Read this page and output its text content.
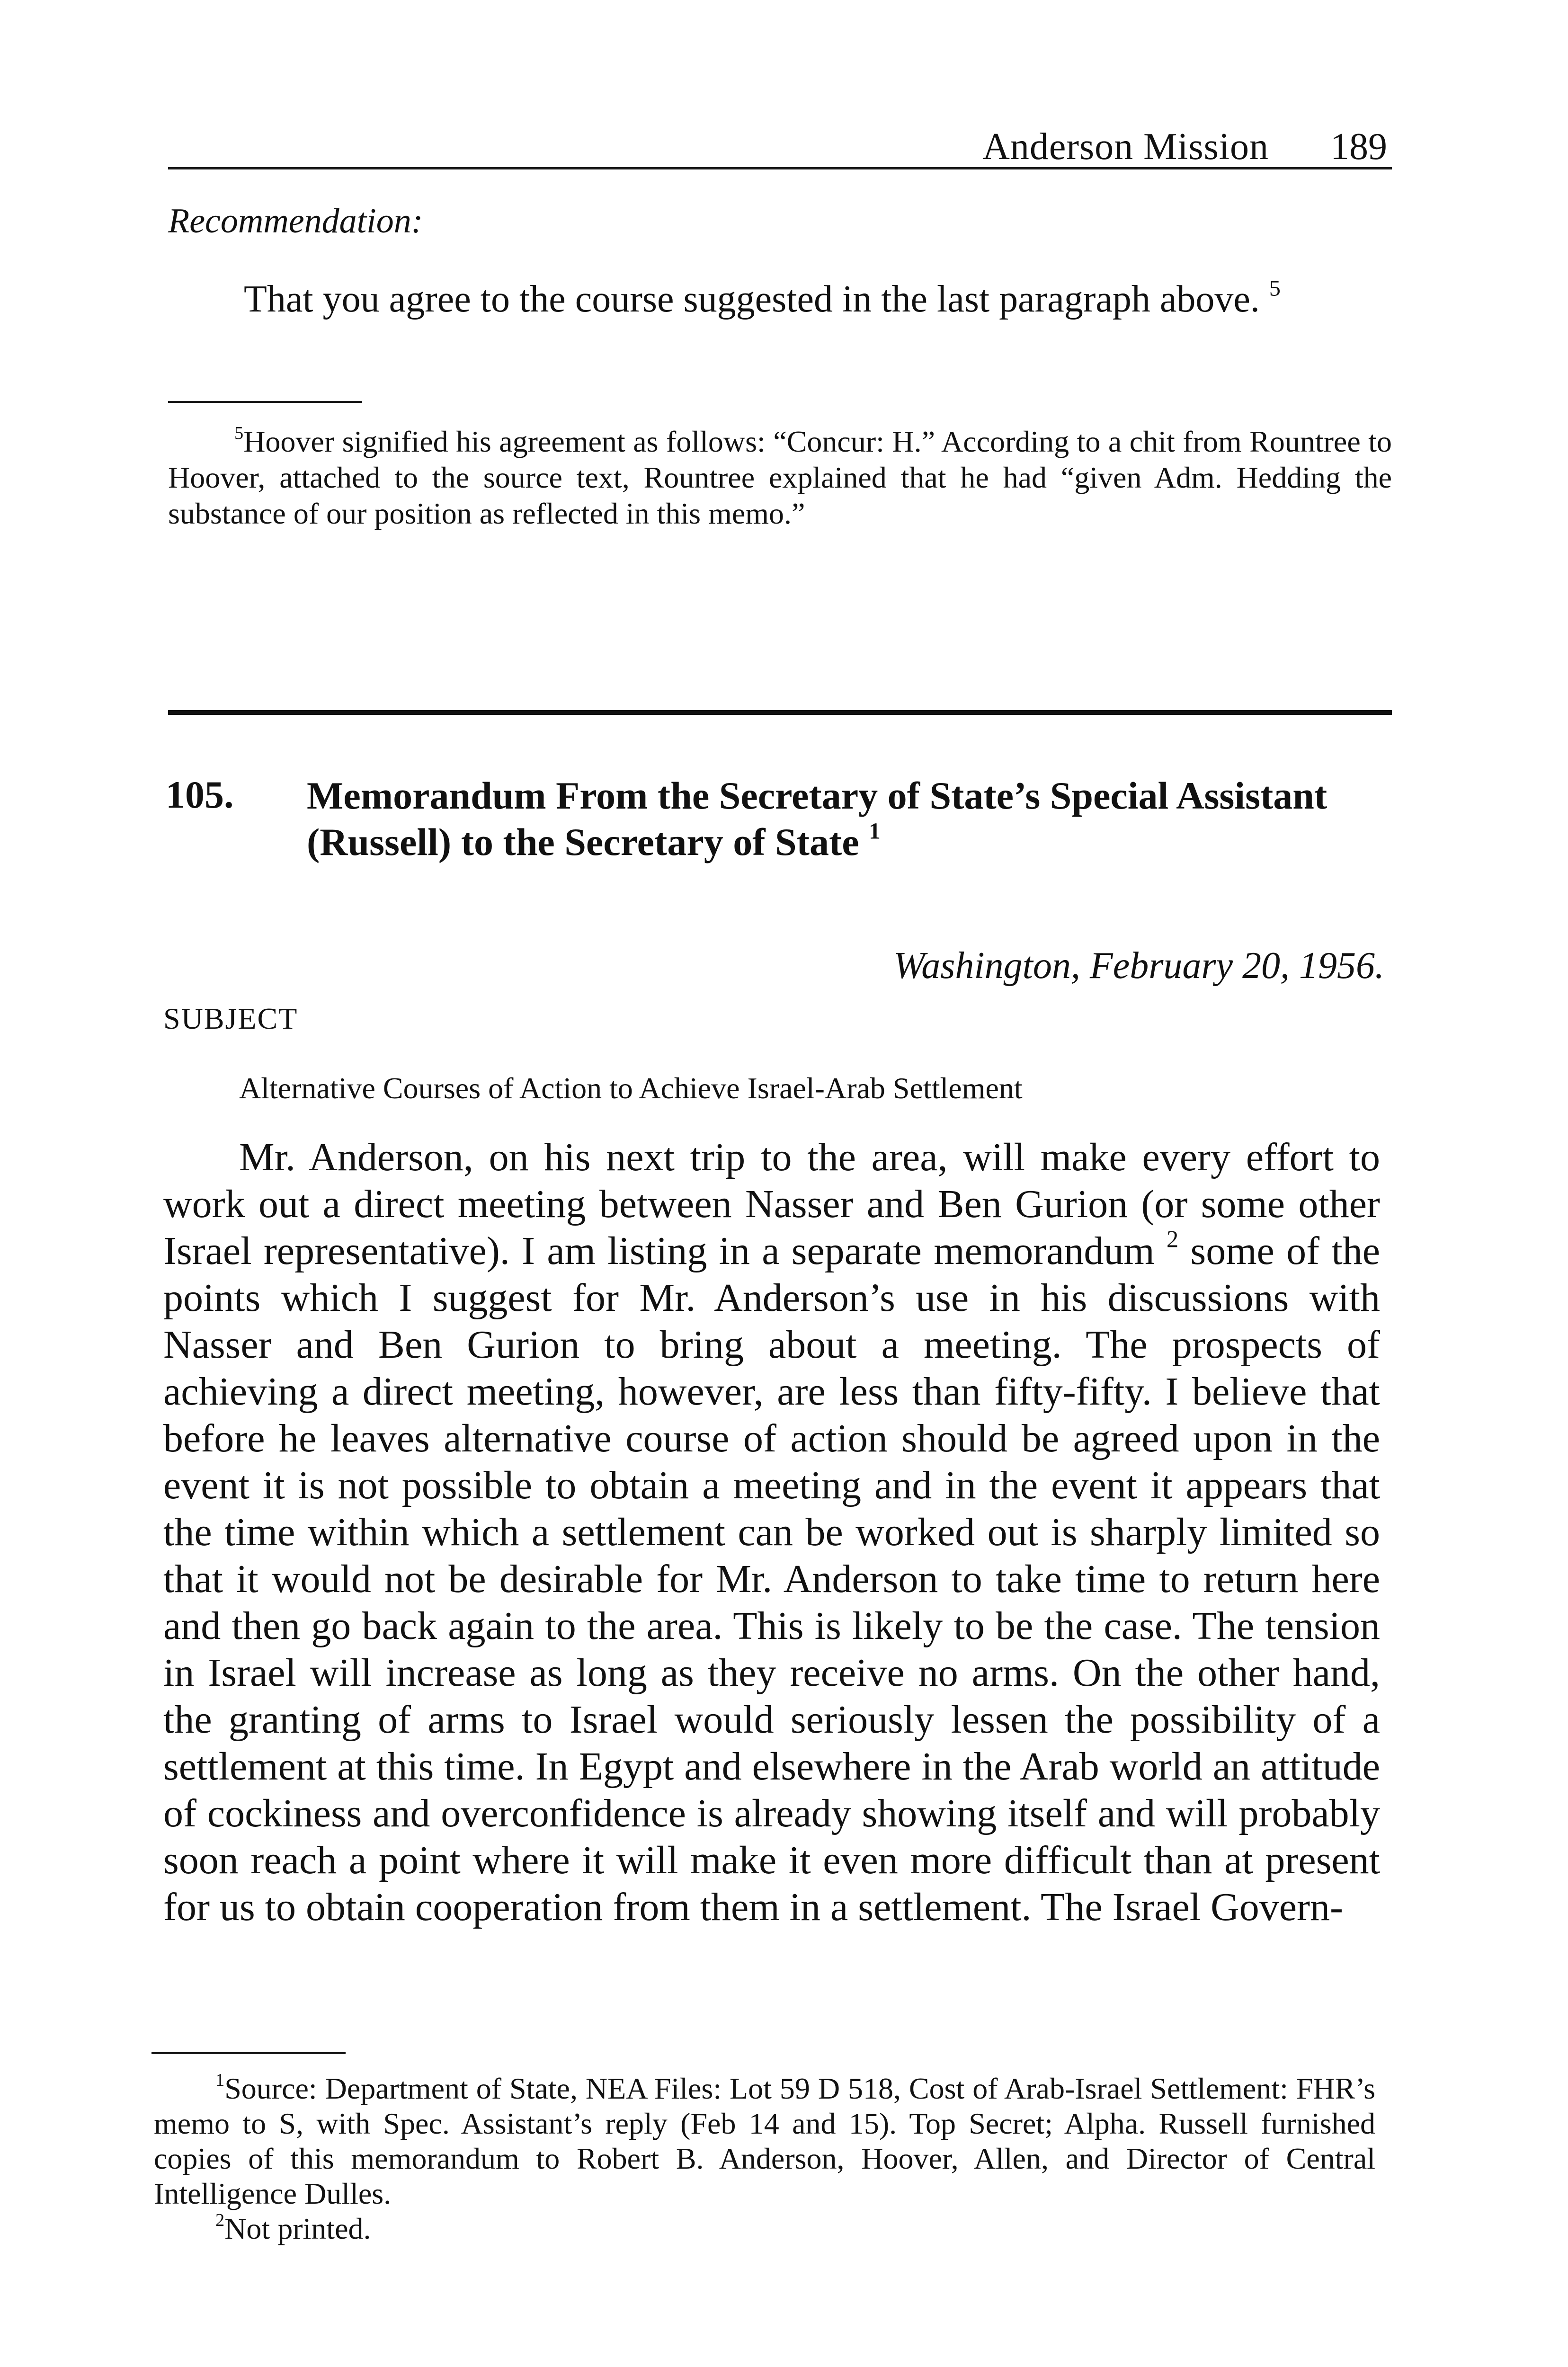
Anderson Mission 189
Recommendation:

That you agree to the course suggested in the last paragraph above. $^5$

$^5$Hoover signified his agreement as follows: “Concur: H.” According to a chit from Rountree to Hoover, attached to the source text, Rountree explained that he had “given Adm. Hedding the substance of our position as reflected in this memo.”

105. Memorandum From the Secretary of State’s Special Assistant (Russell) to the Secretary of State $^1$

Washington, February 20, 1956.
SUBJECT
Alternative Courses of Action to Achieve Israel-Arab Settlement

Mr. Anderson, on his next trip to the area, will make every effort to work out a direct meeting between Nasser and Ben Gurion (or some other Israel representative). I am listing in a separate memorandum $^2$ some of the points which I suggest for Mr. Anderson’s use in his discussions with Nasser and Ben Gurion to bring about a meeting. The prospects of achieving a direct meeting, however, are less than fifty-fifty. I believe that before he leaves alternative course of action should be agreed upon in the event it is not possible to obtain a meeting and in the event it appears that the time within which a settlement can be worked out is sharply limited so that it would not be desirable for Mr. Anderson to take time to return here and then go back again to the area. This is likely to be the case. The tension in Israel will increase as long as they receive no arms. On the other hand, the granting of arms to Israel would seriously lessen the possibility of a settlement at this time. In Egypt and elsewhere in the Arab world an attitude of cockiness and overconfidence is already showing itself and will probably soon reach a point where it will make it even more difficult than at present for us to obtain cooperation from them in a settlement. The Israel Govern-

$^1$Source: Department of State, NEA Files: Lot 59 D 518, Cost of Arab-Israel Settlement: FHR’s memo to S, with Spec. Assistant’s reply (Feb 14 and 15). Top Secret; Alpha. Russell furnished copies of this memorandum to Robert B. Anderson, Hoover, Allen, and Director of Central Intelligence Dulles.

$^2$Not printed.
